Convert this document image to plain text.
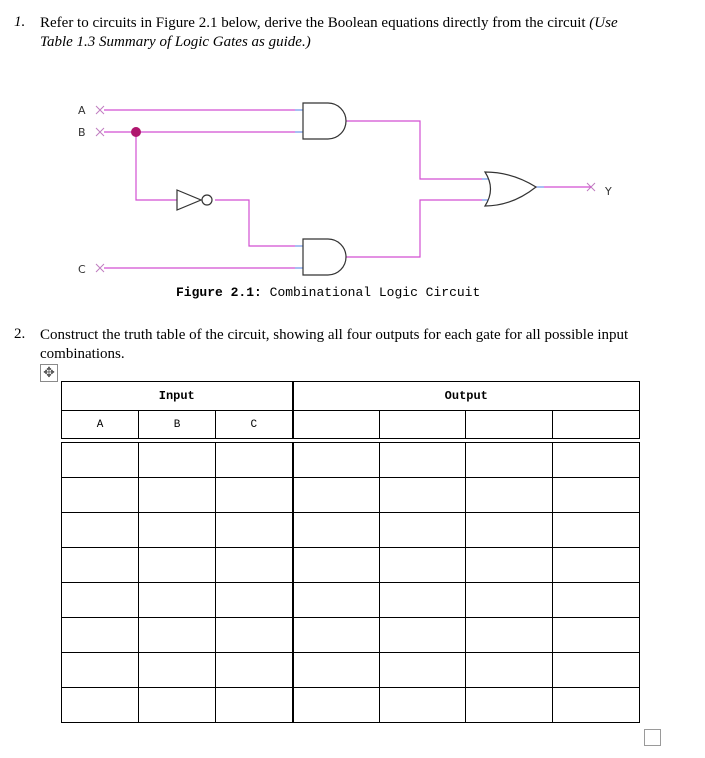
1. Refer to circuits in Figure 2.1 below, derive the Boolean equations directly from the circuit (Use
Table 1.3 Summary of Logic Gates as guide.)
A
B
C
Y
Figure 2.1: Combinational Logic Circuit
2. Construct the truth table of the circuit, showing all four outputs for each gate for all possible input
combinations.
✥
Input			Output			
A	B	C				
